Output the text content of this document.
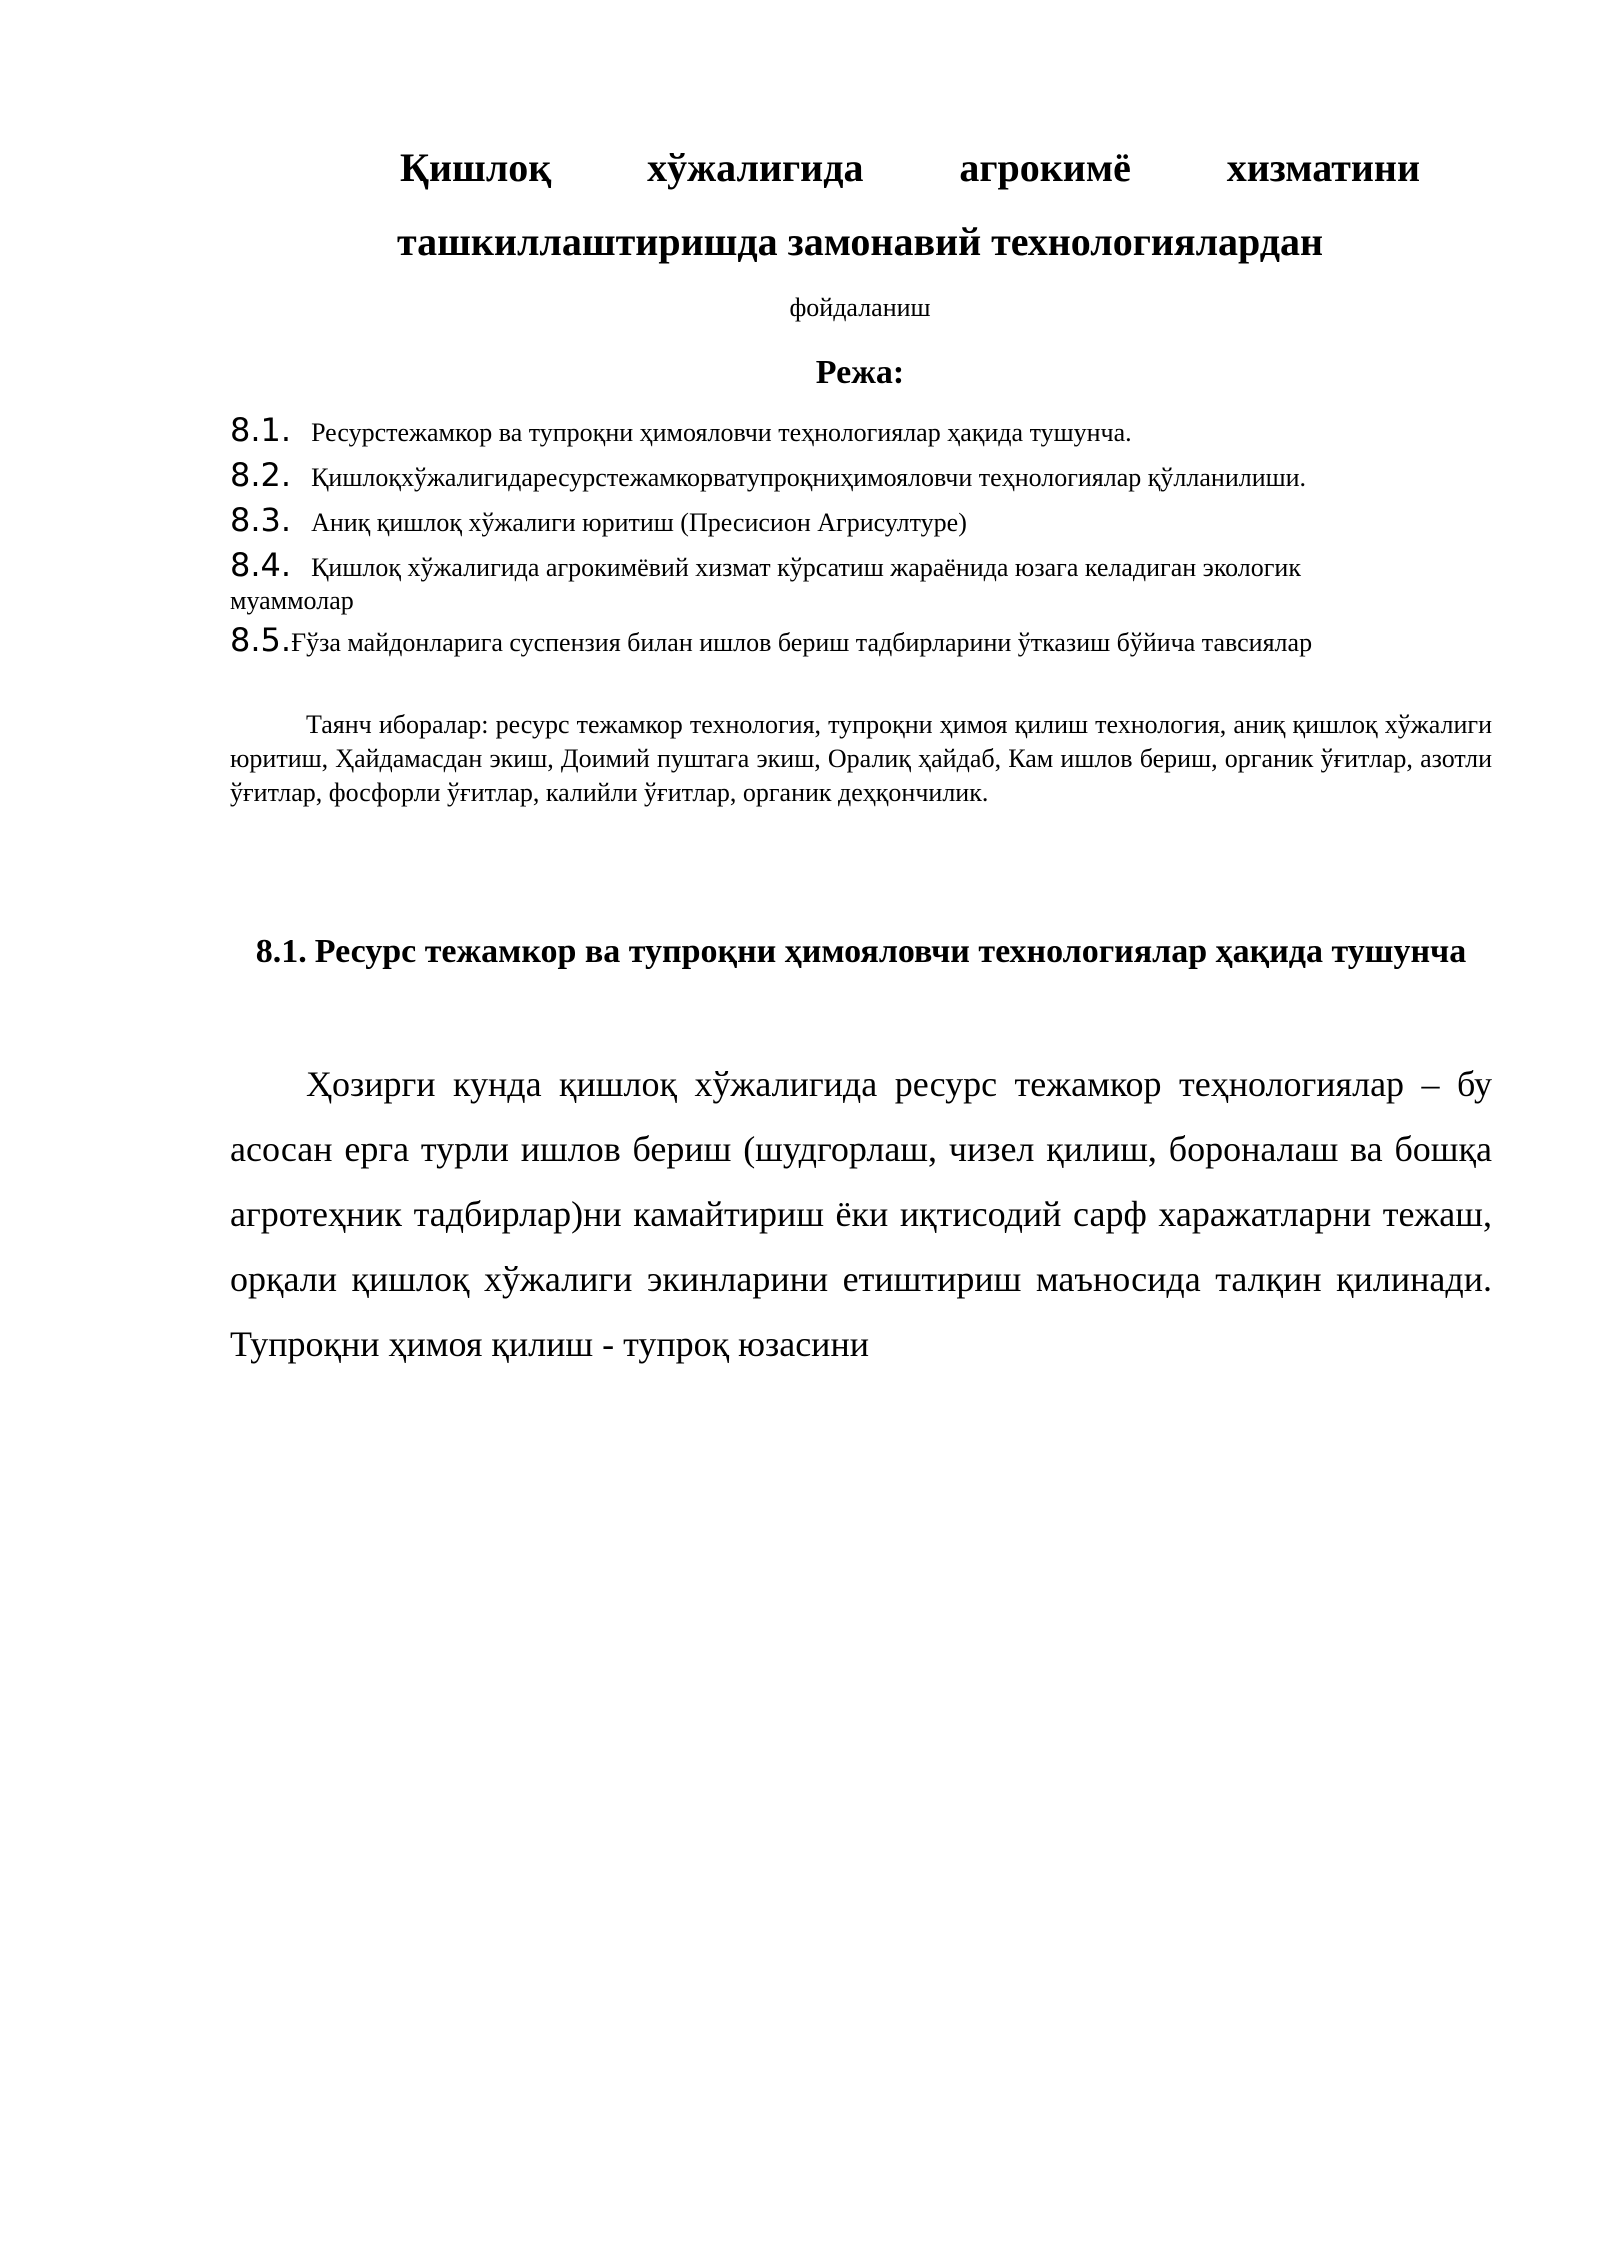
Қишлоқ хўжалигида агрокимё хизматини
ташкиллаштиришда замонавий технологиялардан
фойдаланиш
Режа:
8.1. Ресурстежамкор ва тупроқни ҳимояловчи теҳнологиялар ҳақида тушунча.
8.2. Қишлоқхўжалигидаресурстежамкорватупроқниҳимояловчи теҳнологиялар қўлланилиши.
8.3. Аниқ қишлоқ хўжалиги юритиш (Пресисион Агрисултуре)
8.4. Қишлоқ хўжалигида агрокимёвий хизмат кўрсатиш жараёнида юзага келадиган экологик
муаммолар
8.5.Ғўза майдонларига суспензия билан ишлов бериш тадбирларини ўтказиш бўйича тавсиялар
Таянч иборалар: ресурс тежамкор технология, тупроқни ҳимоя қилиш технология, аниқ қишлоқ хўжалиги юритиш, Ҳайдамасдан экиш, Доимий пуштага экиш, Оралиқ ҳайдаб, Кам ишлов бериш, органик ўғитлар, азотли ўғитлар, фосфорли ўғитлар, калийли ўғитлар, органик деҳқончилик.
8.1. Ресурс тежамкор ва тупроқни ҳимояловчи технологиялар ҳақида тушунча
Ҳозирги кунда қишлоқ хўжалигида ресурс тежамкор теҳнологиялар – бу асосан ерга турли ишлов бериш (шудгорлаш, чизел қилиш, бороналаш ва бошқа агротеҳник тадбирлар)ни камайтириш ёки иқтисодий сарф харажатларни тежаш, орқали қишлоқ хўжалиги экинларини етиштириш маъносида талқин қилинади. Тупроқни ҳимоя қилиш - тупроқ юзасини
